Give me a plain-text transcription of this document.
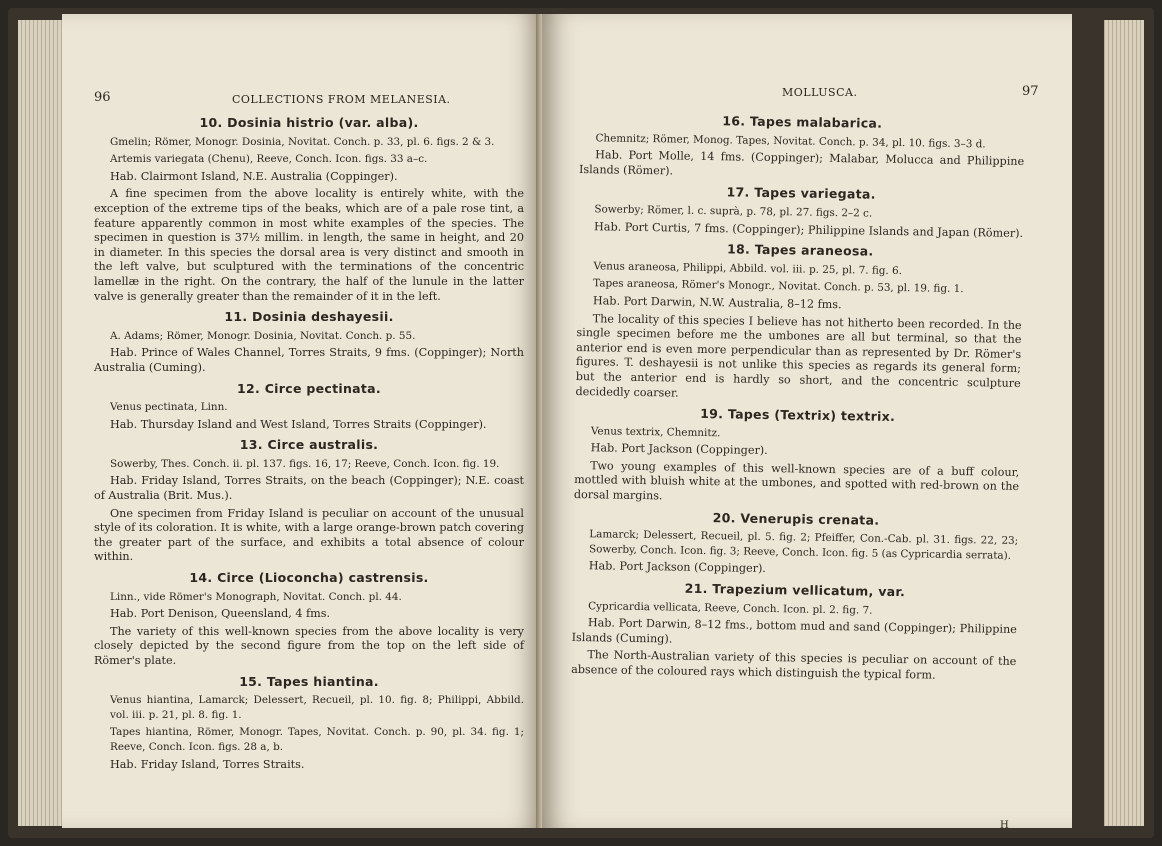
96	COLLECTIONS FROM MELANESIA.
10. Dosinia histrio (var. alba).

Gmelin; Römer, Monogr. Dosinia, Novitat. Conch. p. 33, pl. 6. figs. 2 & 3.

Artemis variegata (Chenu), Reeve, Conch. Icon. figs. 33 a–c.

Hab. Clairmont Island, N.E. Australia (Coppinger).

A fine specimen from the above locality is entirely white, with the exception of the extreme tips of the beaks, which are of a pale rose tint, a feature apparently common in most white examples of the species. The specimen in question is 37½ millim. in length, the same in height, and 20 in diameter. In this species the dorsal area is very distinct and smooth in the left valve, but sculptured with the terminations of the concentric lamellæ in the right. On the contrary, the half of the lunule in the latter valve is generally greater than the remainder of it in the left.

11. Dosinia deshayesii.

A. Adams; Römer, Monogr. Dosinia, Novitat. Conch. p. 55.

Hab. Prince of Wales Channel, Torres Straits, 9 fms. (Coppinger); North Australia (Cuming).

12. Circe pectinata.

Venus pectinata, Linn.

Hab. Thursday Island and West Island, Torres Straits (Coppinger).

13. Circe australis.

Sowerby, Thes. Conch. ii. pl. 137. figs. 16, 17; Reeve, Conch. Icon. fig. 19.

Hab. Friday Island, Torres Straits, on the beach (Coppinger); N.E. coast of Australia (Brit. Mus.).

One specimen from Friday Island is peculiar on account of the unusual style of its coloration. It is white, with a large orange-brown patch covering the greater part of the surface, and exhibits a total absence of colour within.

14. Circe (Lioconcha) castrensis.

Linn., vide Römer's Monograph, Novitat. Conch. pl. 44.

Hab. Port Denison, Queensland, 4 fms.

The variety of this well-known species from the above locality is very closely depicted by the second figure from the top on the left side of Römer's plate.

15. Tapes hiantina.

Venus hiantina, Lamarck; Delessert, Recueil, pl. 10. fig. 8; Philippi, Abbild. vol. iii. p. 21, pl. 8. fig. 1.

Tapes hiantina, Römer, Monogr. Tapes, Novitat. Conch. p. 90, pl. 34. fig. 1; Reeve, Conch. Icon. figs. 28 a, b.

Hab. Friday Island, Torres Straits.

MOLLUSCA.	97
16. Tapes malabarica.

Chemnitz; Römer, Monog. Tapes, Novitat. Conch. p. 34, pl. 10. figs. 3–3 d.

Hab. Port Molle, 14 fms. (Coppinger); Malabar, Molucca and Philippine Islands (Römer).

17. Tapes variegata.

Sowerby; Römer, l. c. suprà, p. 78, pl. 27. figs. 2–2 c.

Hab. Port Curtis, 7 fms. (Coppinger); Philippine Islands and Japan (Römer).

18. Tapes araneosa.

Venus araneosa, Philippi, Abbild. vol. iii. p. 25, pl. 7. fig. 6.

Tapes araneosa, Römer's Monogr., Novitat. Conch. p. 53, pl. 19. fig. 1.

Hab. Port Darwin, N.W. Australia, 8–12 fms.

The locality of this species I believe has not hitherto been recorded. In the single specimen before me the umbones are all but terminal, so that the anterior end is even more perpendicular than as represented by Dr. Römer's figures. T. deshayesii is not unlike this species as regards its general form; but the anterior end is hardly so short, and the concentric sculpture decidedly coarser.

19. Tapes (Textrix) textrix.

Venus textrix, Chemnitz.

Hab. Port Jackson (Coppinger).

Two young examples of this well-known species are of a buff colour, mottled with bluish white at the umbones, and spotted with red-brown on the dorsal margins.

20. Venerupis crenata.

Lamarck; Delessert, Recueil, pl. 5. fig. 2; Pfeiffer, Con.-Cab. pl. 31. figs. 22, 23; Sowerby, Conch. Icon. fig. 3; Reeve, Conch. Icon. fig. 5 (as Cypricardia serrata).

Hab. Port Jackson (Coppinger).

21. Trapezium vellicatum, var.

Cypricardia vellicata, Reeve, Conch. Icon. pl. 2. fig. 7.

Hab. Port Darwin, 8–12 fms., bottom mud and sand (Coppinger); Philippine Islands (Cuming).

The North-Australian variety of this species is peculiar on account of the absence of the coloured rays which distinguish the typical form.

H
